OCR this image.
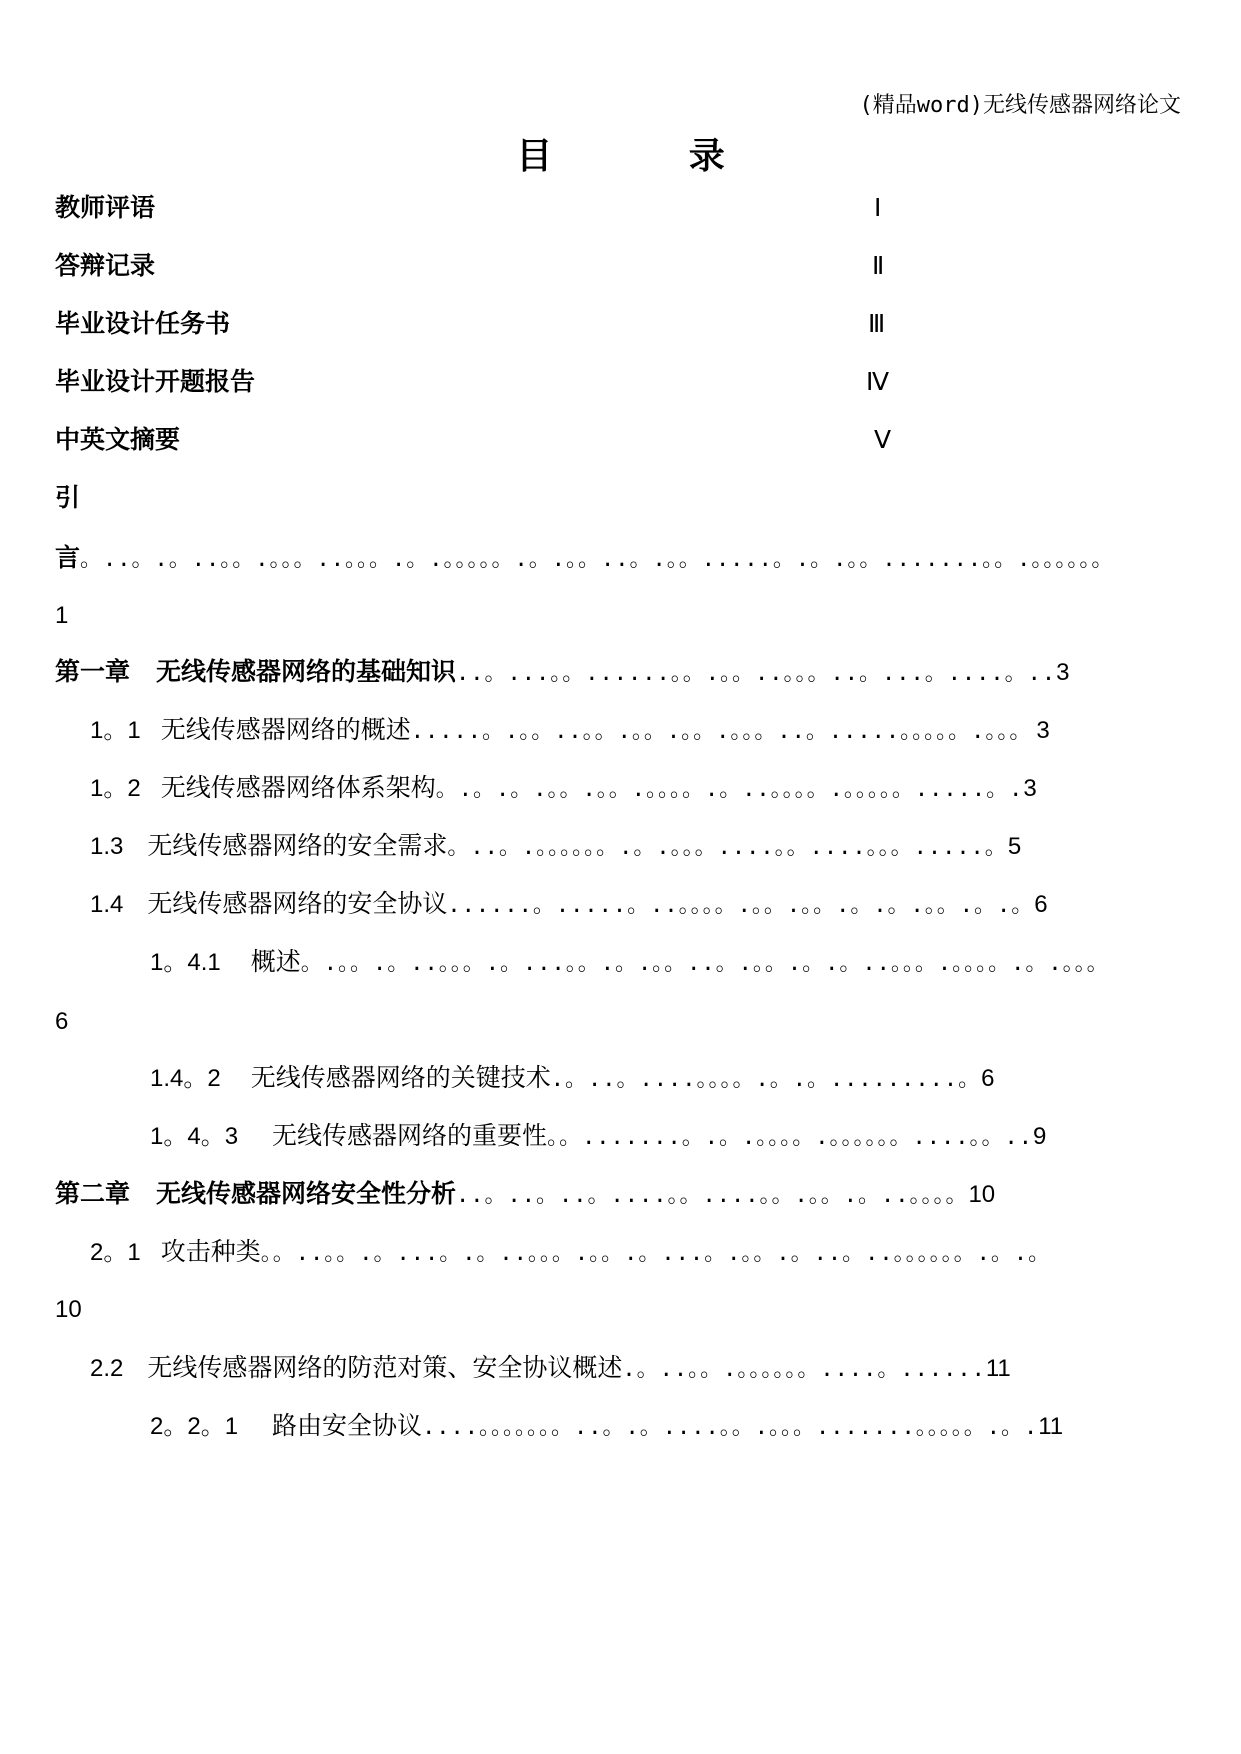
(精品word)无线传感器网络论文
目 录
教师评语	Ⅰ
答辩记录	Ⅱ
毕业设计任务书	Ⅲ
毕业设计开题报告	Ⅳ
中英文摘要	Ⅴ
引
言。..。.。..。。.。。。..。。。.。.。。。。。.。.。。..。.。。.....。.。.。。.......。。.。。。。。。
1
第一章 无线传感器网络的基础知识..。...。。......。。.。。..。。。..。...。....。..3
1。1 无线传感器网络的概述.....。.。。..。。.。。.。。.。。。..。.....。。。。。.。。。 3
1。2 无线传感器网络体系架构。.。.。.。。.。。.。。。。.。..。。。。.。。。。。.....。.3
1.3 无线传感器网络的安全需求。..。.。。。。。。.。.。。。....。。....。。。.....。5
1.4 无线传感器网络的安全协议......。.....。..。。。。.。。.。。.。.。.。。.。.。6
1。4.1 概述。.。。.。..。。。.。...。。.。.。。..。.。。.。.。..。。。.。。。。.。.。。。
6
1.4。2 无线传感器网络的关键技术.。..。....。。。。.。.。.........。6
1。4。3 无线传感器网络的重要性。。.......。.。.。。。。.。。。。。。....。。..9
第二章 无线传感器网络安全性分析..。..。..。....。。....。。.。。.。..。。。。10
2。1 攻击种类。。..。。.。...。.。..。。。.。。.。...。.。。.。..。..。。。。。。.。.。
10
2.2 无线传感器网络的防范对策、安全协议概述.。..。。.。。。。。。....。......11
2。2。1 路由安全协议....。。。。。。。..。.。....。。.。。。.......。。。。。.。.11
